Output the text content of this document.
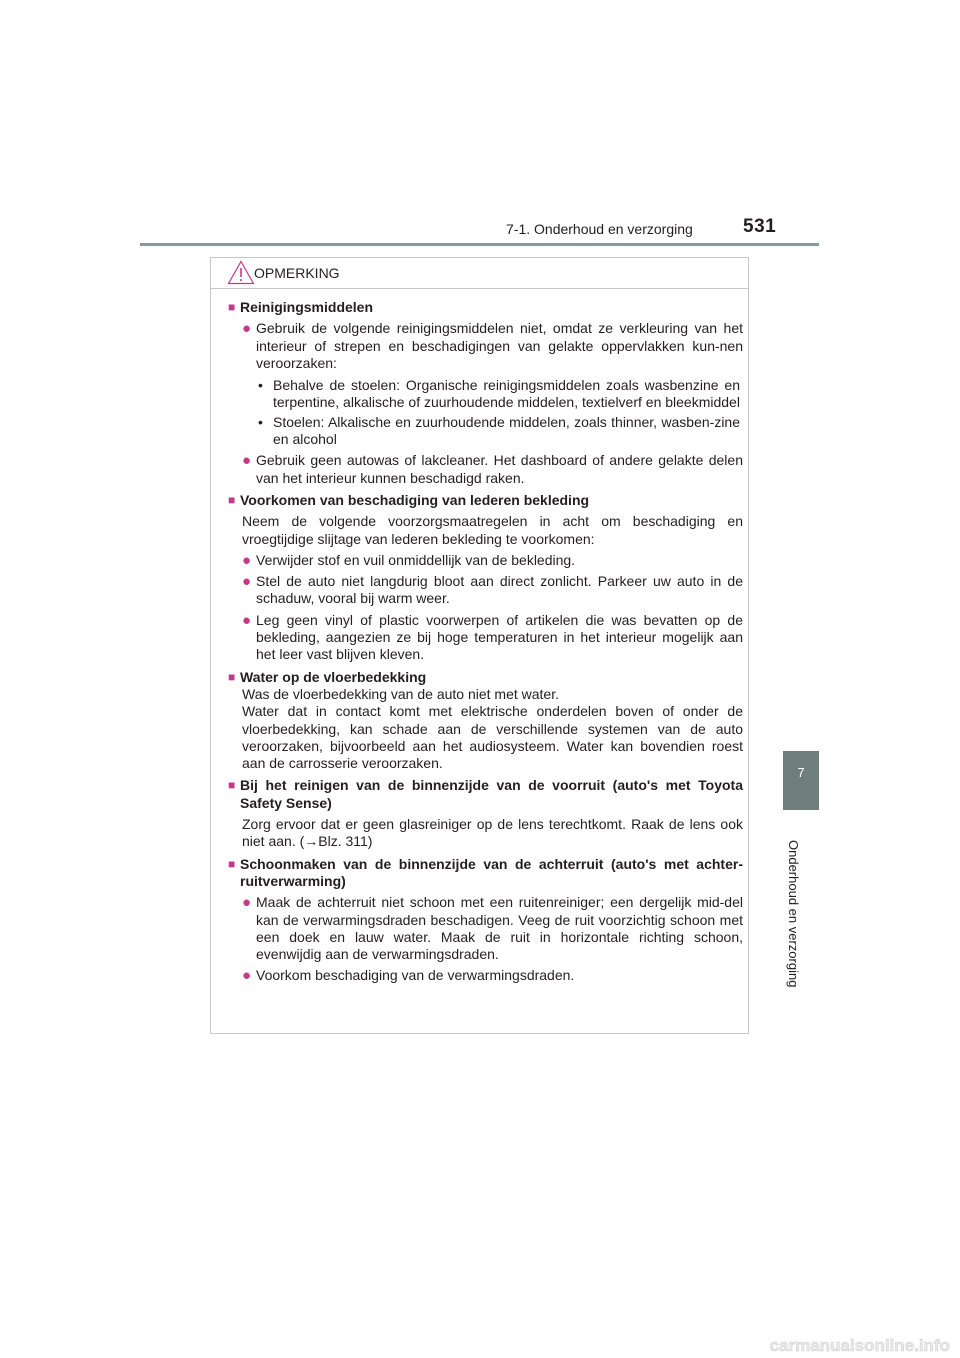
7-1. Onderhoud en verzorging	531
7
Onderhoud en verzorging
OPMERKING
■ Reinigingsmiddelen
● Gebruik de volgende reinigingsmiddelen niet, omdat ze verkleuring van het interieur of strepen en beschadigingen van gelakte oppervlakken kun-nen veroorzaken:
• Behalve de stoelen: Organische reinigingsmiddelen zoals wasbenzine en terpentine, alkalische of zuurhoudende middelen, textielverf en bleekmiddel
• Stoelen: Alkalische en zuurhoudende middelen, zoals thinner, wasben-zine en alcohol
● Gebruik geen autowas of lakcleaner. Het dashboard of andere gelakte delen van het interieur kunnen beschadigd raken.
■ Voorkomen van beschadiging van lederen bekleding
Neem de volgende voorzorgsmaatregelen in acht om beschadiging en vroegtijdige slijtage van lederen bekleding te voorkomen:
● Verwijder stof en vuil onmiddellijk van de bekleding.
● Stel de auto niet langdurig bloot aan direct zonlicht. Parkeer uw auto in de schaduw, vooral bij warm weer.
● Leg geen vinyl of plastic voorwerpen of artikelen die was bevatten op de bekleding, aangezien ze bij hoge temperaturen in het interieur mogelijk aan het leer vast blijven kleven.
■ Water op de vloerbedekking
Was de vloerbedekking van de auto niet met water.
Water dat in contact komt met elektrische onderdelen boven of onder de vloerbedekking, kan schade aan de verschillende systemen van de auto veroorzaken, bijvoorbeeld aan het audiosysteem. Water kan bovendien roest aan de carrosserie veroorzaken.
■ Bij het reinigen van de binnenzijde van de voorruit (auto's met Toyota Safety Sense)
Zorg ervoor dat er geen glasreiniger op de lens terechtkomt. Raak de lens ook niet aan. (→Blz. 311)
■ Schoonmaken van de binnenzijde van de achterruit (auto's met achter-ruitverwarming)
● Maak de achterruit niet schoon met een ruitenreiniger; een dergelijk mid-del kan de verwarmingsdraden beschadigen. Veeg de ruit voorzichtig schoon met een doek en lauw water. Maak de ruit in horizontale richting schoon, evenwijdig aan de verwarmingsdraden.
● Voorkom beschadiging van de verwarmingsdraden.
carmanualsonline.info
